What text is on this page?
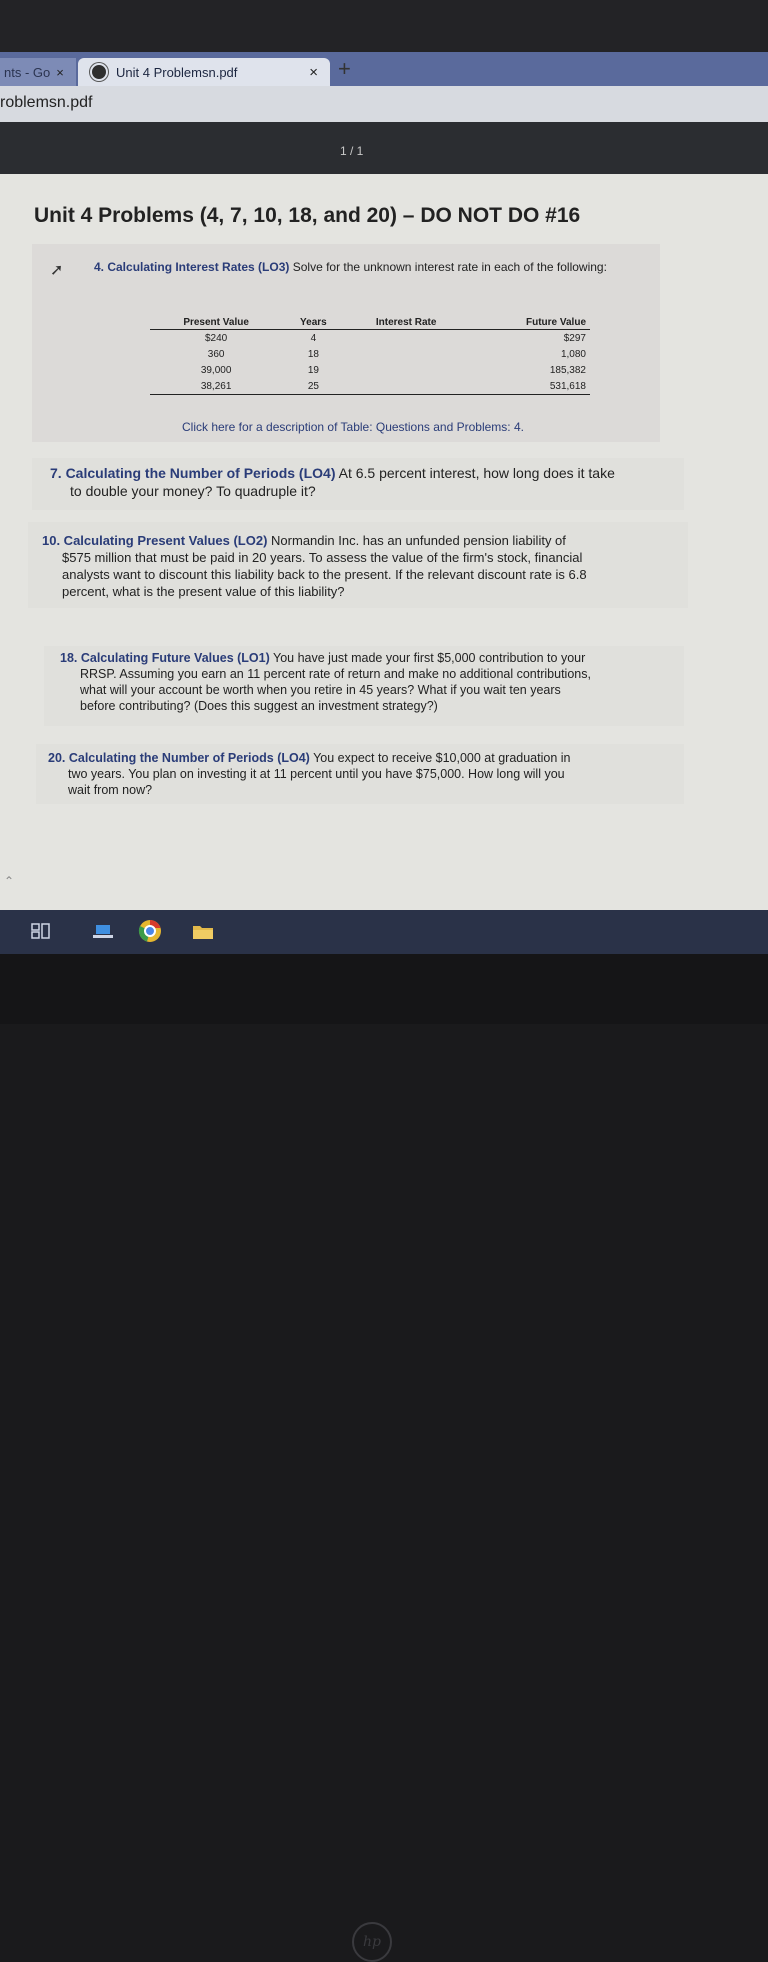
nts - Go ×	Unit 4 Problemsn.pdf	× +
roblemsn.pdf
1 / 1
Unit 4 Problems (4, 7, 10, 18, and 20) – DO NOT DO #16
➚	4. Calculating Interest Rates (LO3) Solve for the unknown interest rate in each of the following:
Present Value	Years	Interest Rate	Future Value
$240	4		$297
360	18		1,080
39,000	19		185,382
38,261	25		531,618
Click here for a description of Table: Questions and Problems: 4.
7. Calculating the Number of Periods (LO4) At 6.5 percent interest, how long does it take
to double your money? To quadruple it?
10. Calculating Present Values (LO2) Normandin Inc. has an unfunded pension liability of
$575 million that must be paid in 20 years. To assess the value of the firm's stock, financial
analysts want to discount this liability back to the present. If the relevant discount rate is 6.8
percent, what is the present value of this liability?
18. Calculating Future Values (LO1) You have just made your first $5,000 contribution to your
RRSP. Assuming you earn an 11 percent rate of return and make no additional contributions,
what will your account be worth when you retire in 45 years? What if you wait ten years
before contributing? (Does this suggest an investment strategy?)
20. Calculating the Number of Periods (LO4) You expect to receive $10,000 at graduation in
two years. You plan on investing it at 11 percent until you have $75,000. How long will you
wait from now?
⌃
hp
